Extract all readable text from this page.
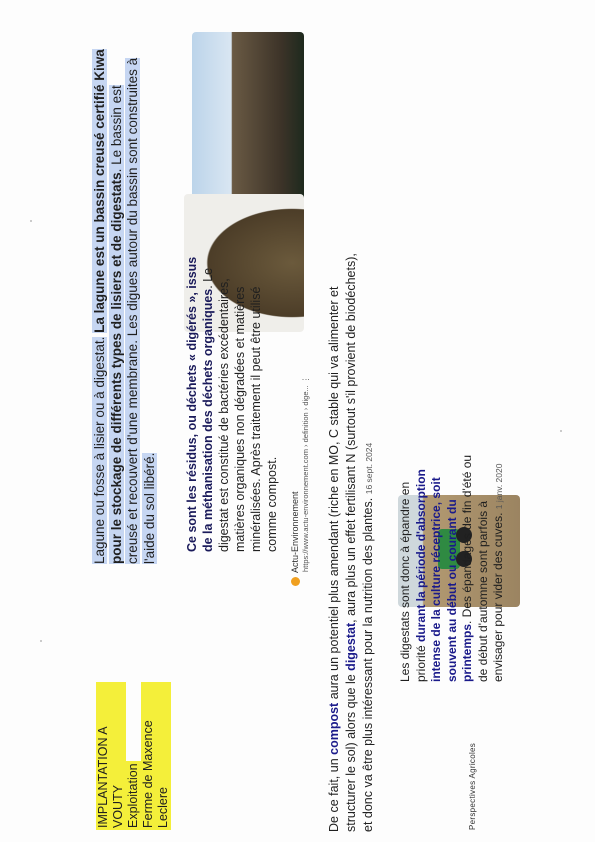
IMPLANTATION A VOUTY
Exploitation
Ferme de Maxence Leclere
Lagune ou fosse à lisier ou à digestat. La lagune est un bassin creusé certifié Kiwa pour le stockage de différents types de lisiers et de digestats. Le bassin est creusé et recouvert d'une membrane. Les digues autour du bassin sont construites à l'aide du sol libéré. Ce sont les résidus, ou déchets « digérés », issus de la méthanisation des déchets organiques. Le digestat est constitué de bactéries excédentaires, matières organiques non dégradées et matières minéralisées. Après traitement il peut être utilisé comme compost. Actu-Environnement https://www.actu-environnement.com › definition › dige... ⋮
De ce fait, un compost aura un potentiel plus amendant (riche en MO, C stable qui va alimenter et structurer le sol) alors que le digestat, aura plus un effet fertilisant N (surtout s'il provient de biodéchets), et donc va être plus intéressant pour la nutrition des plantes. 16 sept. 2024
Les digestats sont donc à épandre en priorité durant la période d'absorption intense de la culture réceptrice, soit souvent au début ou courant du printemps. Des épandages de fin d'été ou de début d'automne sont parfois à envisager pour vider des cuves. 1 janv. 2020
Perspectives Agricoles
